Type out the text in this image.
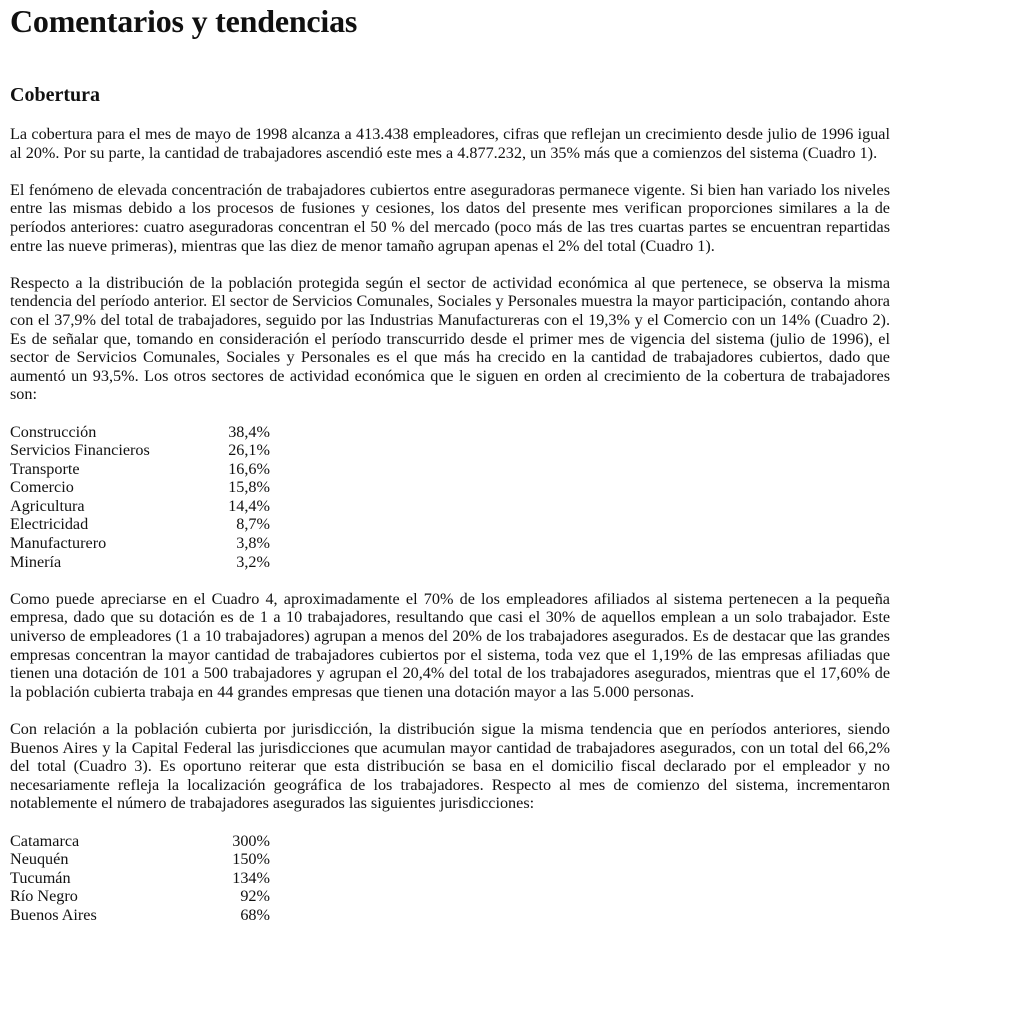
Comentarios y tendencias
Cobertura

La cobertura para el mes de mayo de 1998 alcanza a 413.438 empleadores, cifras que reflejan un crecimiento desde julio de 1996 igual al 20%. Por su parte, la cantidad de trabajadores ascendió este mes a 4.877.232, un 35% más que a comienzos del sistema (Cuadro 1).

El fenómeno de elevada concentración de trabajadores cubiertos entre aseguradoras permanece vigente. Si bien han variado los niveles entre las mismas debido a los procesos de fusiones y cesiones, los datos del presente mes verifican proporciones similares a la de períodos anteriores: cuatro aseguradoras concentran el 50 % del mercado (poco más de las tres cuartas partes se encuentran repartidas entre las nueve primeras), mientras que las diez de menor tamaño agrupan apenas el 2% del total (Cuadro 1).

Respecto a la distribución de la población protegida según el sector de actividad económica al que pertenece, se observa la misma tendencia del período anterior. El sector de Servicios Comunales, Sociales y Personales muestra la mayor participación, contando ahora con el 37,9% del total de trabajadores, seguido por las Industrias Manufactureras con el 19,3% y el Comercio con un 14% (Cuadro 2). Es de señalar que, tomando en consideración el período transcurrido desde el primer mes de vigencia del sistema (julio de 1996), el sector de Servicios Comunales, Sociales y Personales es el que más ha crecido en la cantidad de trabajadores cubiertos, dado que aumentó un 93,5%. Los otros sectores de actividad económica que le siguen en orden al crecimiento de la cobertura de trabajadores son:

Construcción	38,4%
Servicios Financieros	26,1%
Transporte	16,6%
Comercio	15,8%
Agricultura	14,4%
Electricidad	8,7%
Manufacturero	3,8%
Minería	3,2%

Como puede apreciarse en el Cuadro 4, aproximadamente el 70% de los empleadores afiliados al sistema pertenecen a la pequeña empresa, dado que su dotación es de 1 a 10 trabajadores, resultando que casi el 30% de aquellos emplean a un solo trabajador. Este universo de empleadores (1 a 10 trabajadores) agrupan a menos del 20% de los trabajadores asegurados. Es de destacar que las grandes empresas concentran la mayor cantidad de trabajadores cubiertos por el sistema, toda vez que el 1,19% de las empresas afiliadas que tienen una dotación de 101 a 500 trabajadores y agrupan el 20,4% del total de los trabajadores asegurados, mientras que el 17,60% de la población cubierta trabaja en 44 grandes empresas que tienen una dotación mayor a las 5.000 personas.

Con relación a la población cubierta por jurisdicción, la distribución sigue la misma tendencia que en períodos anteriores, siendo Buenos Aires y la Capital Federal las jurisdicciones que acumulan mayor cantidad de trabajadores asegurados, con un total del 66,2% del total (Cuadro 3). Es oportuno reiterar que esta distribución se basa en el domicilio fiscal declarado por el empleador y no necesariamente refleja la localización geográfica de los trabajadores. Respecto al mes de comienzo del sistema, incrementaron notablemente el número de trabajadores asegurados las siguientes jurisdicciones:

Catamarca	300%
Neuquén	150%
Tucumán	134%
Río Negro	92%
Buenos Aires	68%
